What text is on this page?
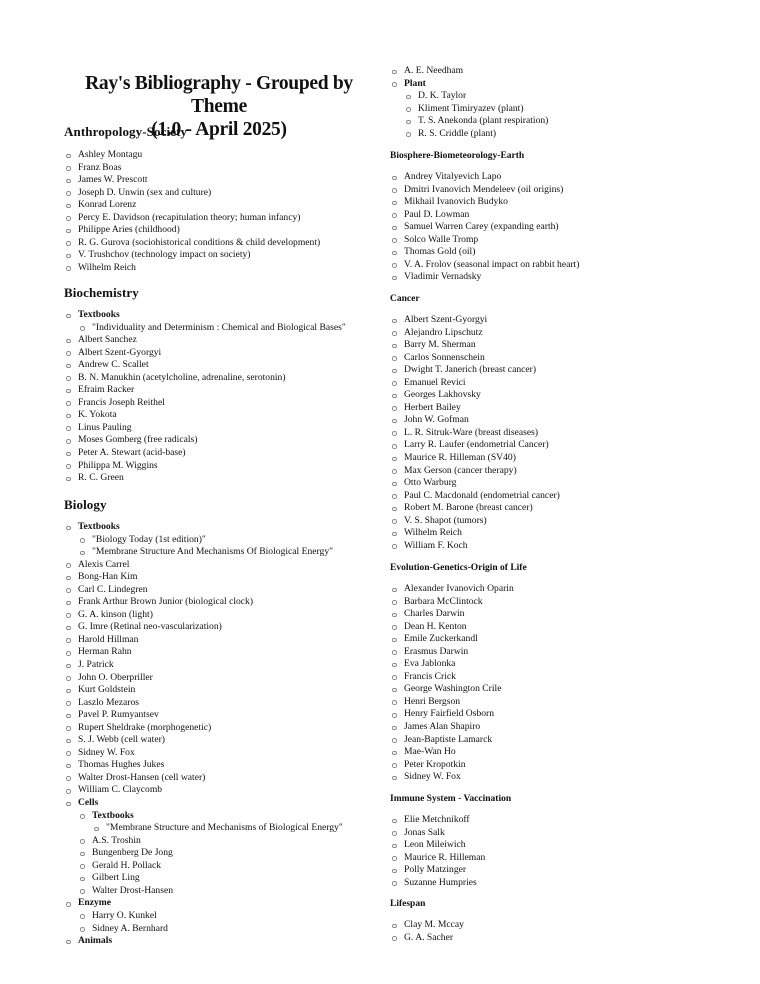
Ray's Bibliography - Grouped by Theme
(1.0 - April 2025)
Anthropology-Society
Ashley Montagu
Franz Boas
James W. Prescott
Joseph D. Unwin (sex and culture)
Konrad Lorenz
Percy E. Davidson (recapitulation theory; human infancy)
Philippe Aries (childhood)
R. G. Gurova (sociohistorical conditions & child development)
V. Trushchov (technology impact on society)
Wilhelm Reich
Biochemistry
Textbooks
"Individuality and Determinism : Chemical and Biological Bases"
Albert Sanchez
Albert Szent-Gyorgyi
Andrew C. Scallet
B. N. Manukhin (acetylcholine, adrenaline, serotonin)
Efraim Racker
Francis Joseph Reithel
K. Yokota
Linus Pauling
Moses Gomberg (free radicals)
Peter A. Stewart (acid-base)
Philippa M. Wiggins
R. C. Green
Biology
Textbooks
"Biology Today (1st edition)"
"Membrane Structure And Mechanisms Of Biological Energy"
Alexis Carrel
Bong-Han Kim
Carl C. Lindegren
Frank Arthur Brown Junior (biological clock)
G. A. kinson (light)
G. Imre (Retinal neo-vascularization)
Harold Hillman
Herman Rahn
J. Patrick
John O. Oberpriller
Kurt Goldstein
Laszlo Mezaros
Pavel P. Rumyantsev
Rupert Sheldrake (morphogenetic)
S. J. Webb (cell water)
Sidney W. Fox
Thomas Hughes Jukes
Walter Drost-Hansen (cell water)
William C. Claycomb
Cells
Textbooks
"Membrane Structure and Mechanisms of Biological Energy"
A.S. Troshin
Bungenberg De Jong
Gerald H. Pollack
Gilbert Ling
Walter Drost-Hansen
Enzyme
Harry O. Kunkel
Sidney A. Bernhard
Animals
A. E. Needham
Plant
D. K. Taylor
Kliment Timiryazev (plant)
T. S. Anekonda (plant respiration)
R. S. Criddle (plant)
Biosphere-Biometeorology-Earth
Andrey Vitalyevich Lapo
Dmitri Ivanovich Mendeleev (oil origins)
Mikhail Ivanovich Budyko
Paul D. Lowman
Samuel Warren Carey (expanding earth)
Solco Walle Tromp
Thomas Gold (oil)
V. A. Frolov (seasonal impact on rabbit heart)
Vladimir Vernadsky
Cancer
Albert Szent-Gyorgyi
Alejandro Lipschutz
Barry M. Sherman
Carlos Sonnenschein
Dwight T. Janerich (breast cancer)
Emanuel Revici
Georges Lakhovsky
Herbert Bailey
John W. Gofman
L. R. Sitruk-Ware (breast diseases)
Larry R. Laufer (endometrial Cancer)
Maurice R. Hilleman (SV40)
Max Gerson (cancer therapy)
Otto Warburg
Paul C. Macdonald (endometrial cancer)
Robert M. Barone (breast cancer)
V. S. Shapot (tumors)
Wilhelm Reich
William F. Koch
Evolution-Genetics-Origin of Life
Alexander Ivanovich Oparin
Barbara McClintock
Charles Darwin
Dean H. Kenton
Emile Zuckerkandl
Erasmus Darwin
Eva Jablonka
Francis Crick
George Washington Crile
Henri Bergson
Henry Fairfield Osborn
James Alan Shapiro
Jean-Baptiste Lamarck
Mae-Wan Ho
Peter Kropotkin
Sidney W. Fox
Immune System - Vaccination
Elie Metchnikoff
Jonas Salk
Leon Mileiwich
Maurice R. Hilleman
Polly Matzinger
Suzanne Humpries
Lifespan
Clay M. Mccay
G. A. Sacher
